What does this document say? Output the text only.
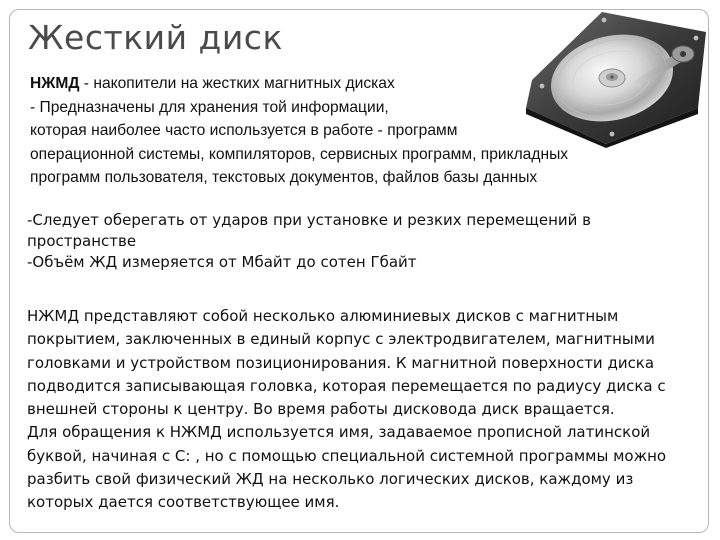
Жесткий диск

НЖМД - накопители на жестких магнитных дисках

- Предназначены для хранения той информации,

которая наиболее часто используется в работе - программ

операционной системы, компиляторов, сервисных программ, прикладных

программ пользователя, текстовых документов, файлов базы данных

-Следует оберегать от ударов при установке и резких перемещений в

пространстве

-Объём ЖД измеряется от Мбайт до сотен Гбайт

НЖМД представляют собой несколько алюминиевых дисков с магнитным

покрытием, заключенных в единый корпус с электродвигателем, магнитными

головками и устройством позиционирования. К магнитной поверхности диска

подводится записывающая головка, которая перемещается по радиусу диска с

внешней стороны к центру. Во время работы дисковода диск вращается.

Для обращения к НЖМД используется имя, задаваемое прописной латинской

буквой, начиная с С: , но с помощью специальной системной программы можно

разбить свой физический ЖД на несколько логических дисков, каждому из

которых дается соответствующее имя.
